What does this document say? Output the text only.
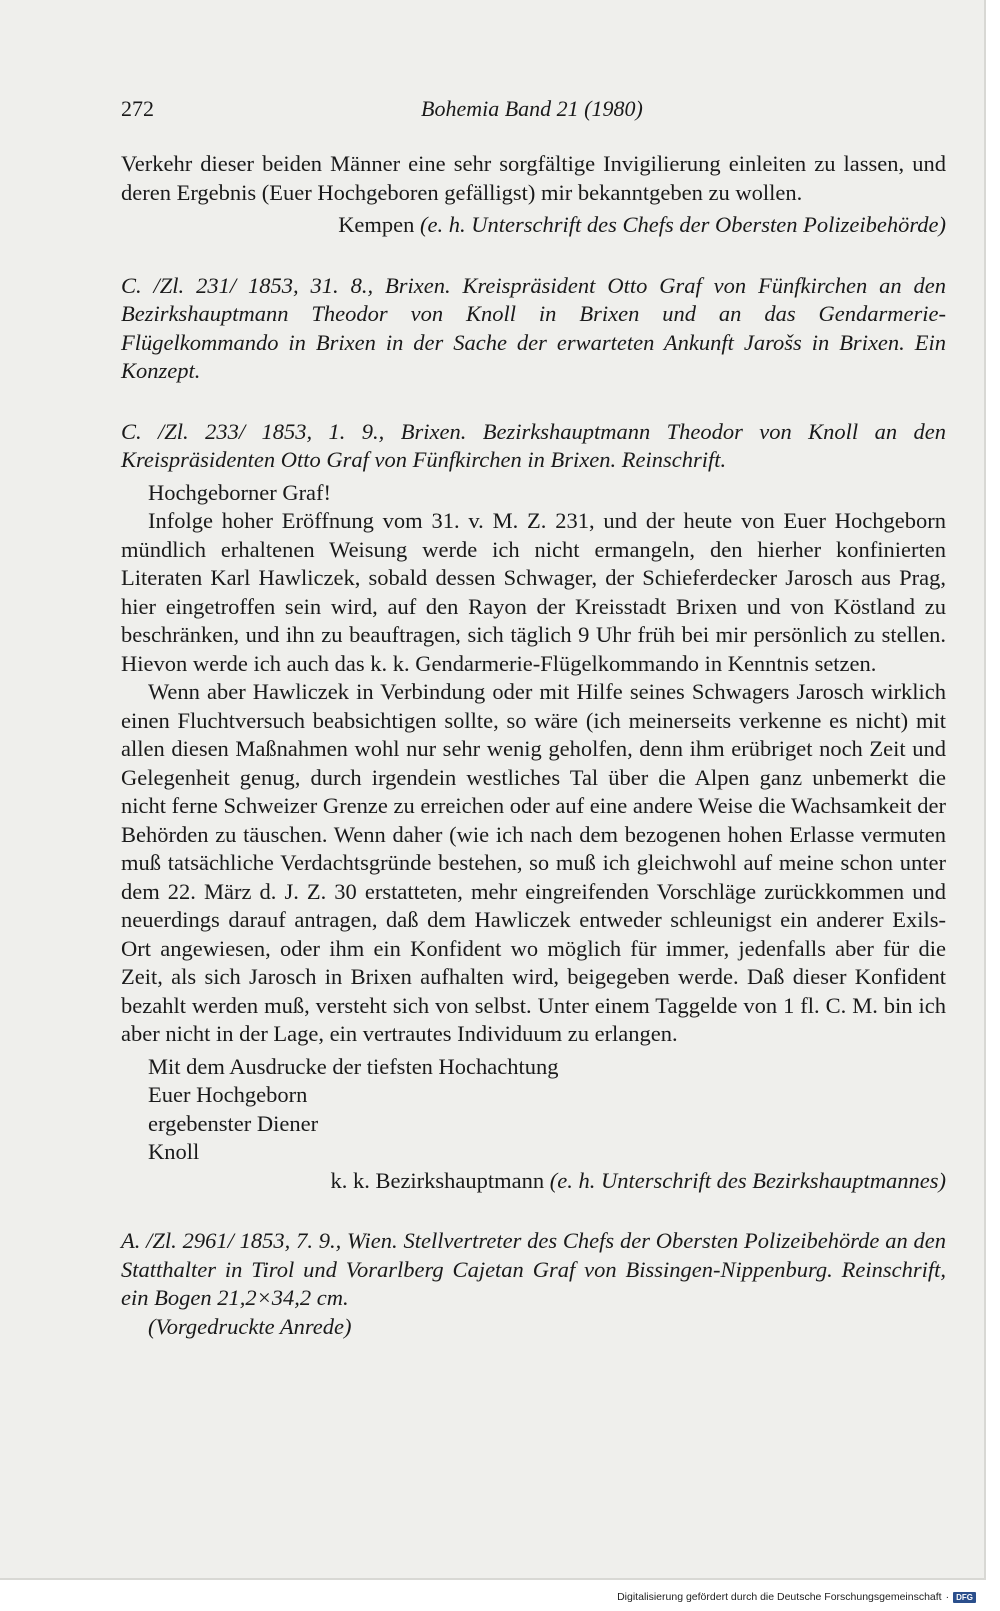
272	Bohemia Band 21 (1980)

Verkehr dieser beiden Männer eine sehr sorgfältige Invigilierung einleiten zu lassen, und deren Ergebnis (Euer Hochgeboren gefälligst) mir bekanntgeben zu wollen.

Kempen (e. h. Unterschrift des Chefs der Obersten Polizeibehörde)

C. /Zl. 231/ 1853, 31. 8., Brixen. Kreispräsident Otto Graf von Fünfkirchen an den Bezirkshauptmann Theodor von Knoll in Brixen und an das Gendarmerie-Flügelkommando in Brixen in der Sache der erwarteten Ankunft Jarošs in Brixen. Ein Konzept.

C. /Zl. 233/ 1853, 1. 9., Brixen. Bezirkshauptmann Theodor von Knoll an den Kreispräsidenten Otto Graf von Fünfkirchen in Brixen. Reinschrift.

Hochgeborner Graf!

Infolge hoher Eröffnung vom 31. v. M. Z. 231, und der heute von Euer Hochgeborn mündlich erhaltenen Weisung werde ich nicht ermangeln, den hierher konfinierten Literaten Karl Hawliczek, sobald dessen Schwager, der Schieferdecker Jarosch aus Prag, hier eingetroffen sein wird, auf den Rayon der Kreisstadt Brixen und von Köstland zu beschränken, und ihn zu beauftragen, sich täglich 9 Uhr früh bei mir persönlich zu stellen. Hievon werde ich auch das k. k. Gendarmerie-Flügelkommando in Kenntnis setzen.

Wenn aber Hawliczek in Verbindung oder mit Hilfe seines Schwagers Jarosch wirklich einen Fluchtversuch beabsichtigen sollte, so wäre (ich meinerseits verkenne es nicht) mit allen diesen Maßnahmen wohl nur sehr wenig geholfen, denn ihm erübriget noch Zeit und Gelegenheit genug, durch irgendein westliches Tal über die Alpen ganz unbemerkt die nicht ferne Schweizer Grenze zu erreichen oder auf eine andere Weise die Wachsamkeit der Behörden zu täuschen. Wenn daher (wie ich nach dem bezogenen hohen Erlasse vermuten muß tatsächliche Verdachtsgründe bestehen, so muß ich gleichwohl auf meine schon unter dem 22. März d. J. Z. 30 erstatteten, mehr eingreifenden Vorschläge zurückkommen und neuerdings darauf antragen, daß dem Hawliczek entweder schleunigst ein anderer Exils-Ort angewiesen, oder ihm ein Konfident wo möglich für immer, jedenfalls aber für die Zeit, als sich Jarosch in Brixen aufhalten wird, beigegeben werde. Daß dieser Konfident bezahlt werden muß, versteht sich von selbst. Unter einem Taggelde von 1 fl. C. M. bin ich aber nicht in der Lage, ein vertrautes Individuum zu erlangen.

Mit dem Ausdrucke der tiefsten Hochachtung

Euer Hochgeborn

ergebenster Diener

Knoll

k. k. Bezirkshauptmann (e. h. Unterschrift des Bezirkshauptmannes)

A. /Zl. 2961/ 1853, 7. 9., Wien. Stellvertreter des Chefs der Obersten Polizeibehörde an den Statthalter in Tirol und Vorarlberg Cajetan Graf von Bissingen-Nippenburg. Reinschrift, ein Bogen 21,2×34,2 cm.

(Vorgedruckte Anrede)

Digitalisierung gefördert durch die Deutsche Forschungsgemeinschaft · DFG
